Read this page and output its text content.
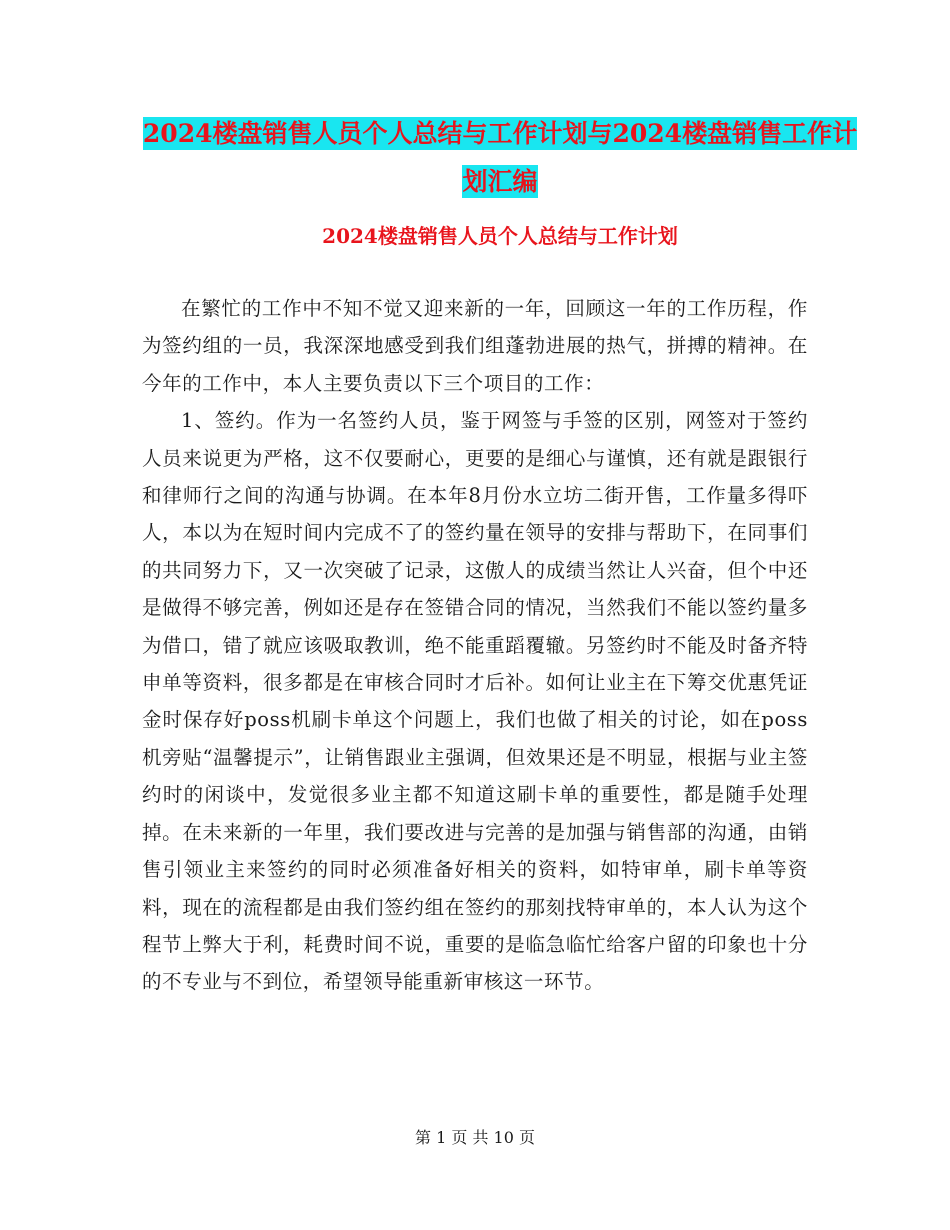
2024楼盘销售人员个人总结与工作计划与2024楼盘销售工作计划汇编
2024楼盘销售人员个人总结与工作计划

在繁忙的工作中不知不觉又迎来新的一年，回顾这一年的工作历程，作为签约组的一员，我深深地感受到我们组蓬勃进展的热气，拼搏的精神。在今年的工作中，本人主要负责以下三个项目的工作：

1、签约。作为一名签约人员，鉴于网签与手签的区别，网签对于签约人员来说更为严格，这不仅要耐心，更要的是细心与谨慎，还有就是跟银行和律师行之间的沟通与协调。在本年8月份水立坊二街开售，工作量多得吓人，本以为在短时间内完成不了的签约量在领导的安排与帮助下，在同事们的共同努力下，又一次突破了记录，这傲人的成绩当然让人兴奋，但个中还是做得不够完善，例如还是存在签错合同的情况，当然我们不能以签约量多为借口，错了就应该吸取教训，绝不能重蹈覆辙。另签约时不能及时备齐特申单等资料，很多都是在审核合同时才后补。如何让业主在下筹交优惠凭证金时保存好poss机刷卡单这个问题上，我们也做了相关的讨论，如在poss机旁贴“温馨提示”，让销售跟业主强调，但效果还是不明显，根据与业主签约时的闲谈中，发觉很多业主都不知道这刷卡单的重要性，都是随手处理掉。在未来新的一年里，我们要改进与完善的是加强与销售部的沟通，由销售引领业主来签约的同时必须准备好相关的资料，如特审单，刷卡单等资料，现在的流程都是由我们签约组在签约的那刻找特审单的，本人认为这个程节上弊大于利，耗费时间不说，重要的是临急临忙给客户留的印象也十分的不专业与不到位，希望领导能重新审核这一环节。

第 1 页 共 10 页
